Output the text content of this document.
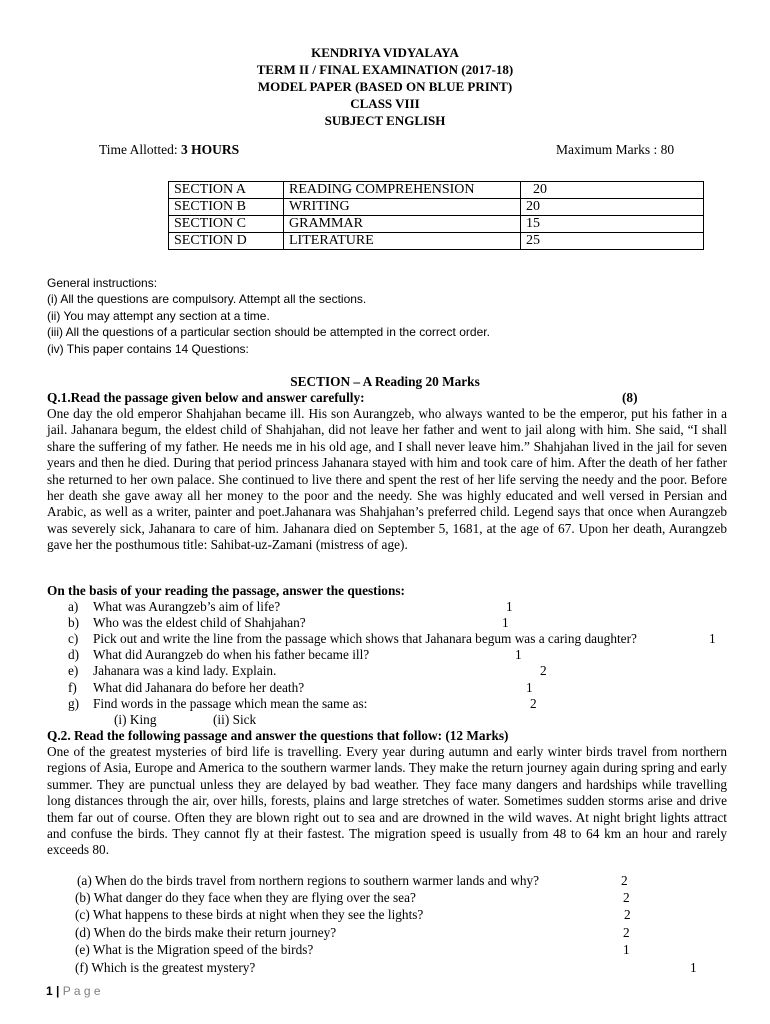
KENDRIYA VIDYALAYA
TERM II / FINAL EXAMINATION (2017-18)
MODEL PAPER (BASED ON BLUE PRINT)
CLASS VIII
SUBJECT ENGLISH
Time Allotted: 3 HOURS	Maximum Marks : 80
SECTION A	READING COMPREHENSION	20
SECTION B	WRITING	20
SECTION C	GRAMMAR	15
SECTION D	LITERATURE	25
General instructions:
(i) All the questions are compulsory. Attempt all the sections.
(ii) You may attempt any section at a time.
(iii) All the questions of a particular section should be attempted in the correct order.
(iv) This paper contains 14 Questions:
SECTION – A Reading 20 Marks
Q.1.Read the passage given below and answer carefully:	(8)
One day the old emperor Shahjahan became ill. His son Aurangzeb, who always wanted to be the emperor, put his father in a jail. Jahanara begum, the eldest child of Shahjahan, did not leave her father and went to jail along with him. She said, “I shall share the suffering of my father. He needs me in his old age, and I shall never leave him.” Shahjahan lived in the jail for seven years and then he died. During that period princess Jahanara stayed with him and took care of him. After the death of her father she returned to her own palace. She continued to live there and spent the rest of her life serving the needy and the poor. Before her death she gave away all her money to the poor and the needy. She was highly educated and well versed in Persian and Arabic, as well as a writer, painter and poet.Jahanara was Shahjahan’s preferred child. Legend says that once when Aurangzeb was severely sick, Jahanara to care of him. Jahanara died on September 5, 1681, at the age of 67. Upon her death, Aurangzeb gave her the posthumous title: Sahibat-uz-Zamani (mistress of age).
On the basis of your reading the passage, answer the questions:
a) What was Aurangzeb’s aim of life?	1
b) Who was the eldest child of Shahjahan?	1
c) Pick out and write the line from the passage which shows that Jahanara begum was a caring daughter?	1
d) What did Aurangzeb do when his father became ill?	1
e) Jahanara was a kind lady. Explain.	2
f) What did Jahanara do before her death?	1
g) Find words in the passage which mean the same as:	2
(i) King	(ii) Sick
Q.2. Read the following passage and answer the questions that follow: (12 Marks)
One of the greatest mysteries of bird life is travelling. Every year during autumn and early winter birds travel from northern regions of Asia, Europe and America to the southern warmer lands. They make the return journey again during spring and early summer. They are punctual unless they are delayed by bad weather. They face many dangers and hardships while travelling long distances through the air, over hills, forests, plains and large stretches of water. Sometimes sudden storms arise and drive them far out of course. Often they are blown right out to sea and are drowned in the wild waves. At night bright lights attract and confuse the birds. They cannot fly at their fastest. The migration speed is usually from 48 to 64 km an hour and rarely exceeds 80.
(a) When do the birds travel from northern regions to southern warmer lands and why?	2
(b) What danger do they face when they are flying over the sea?	2
(c) What happens to these birds at night when they see the lights?	2
(d) When do the birds make their return journey?	2
(e) What is the Migration speed of the birds?	1
(f) Which is the greatest mystery?	1
1 | P a g e
